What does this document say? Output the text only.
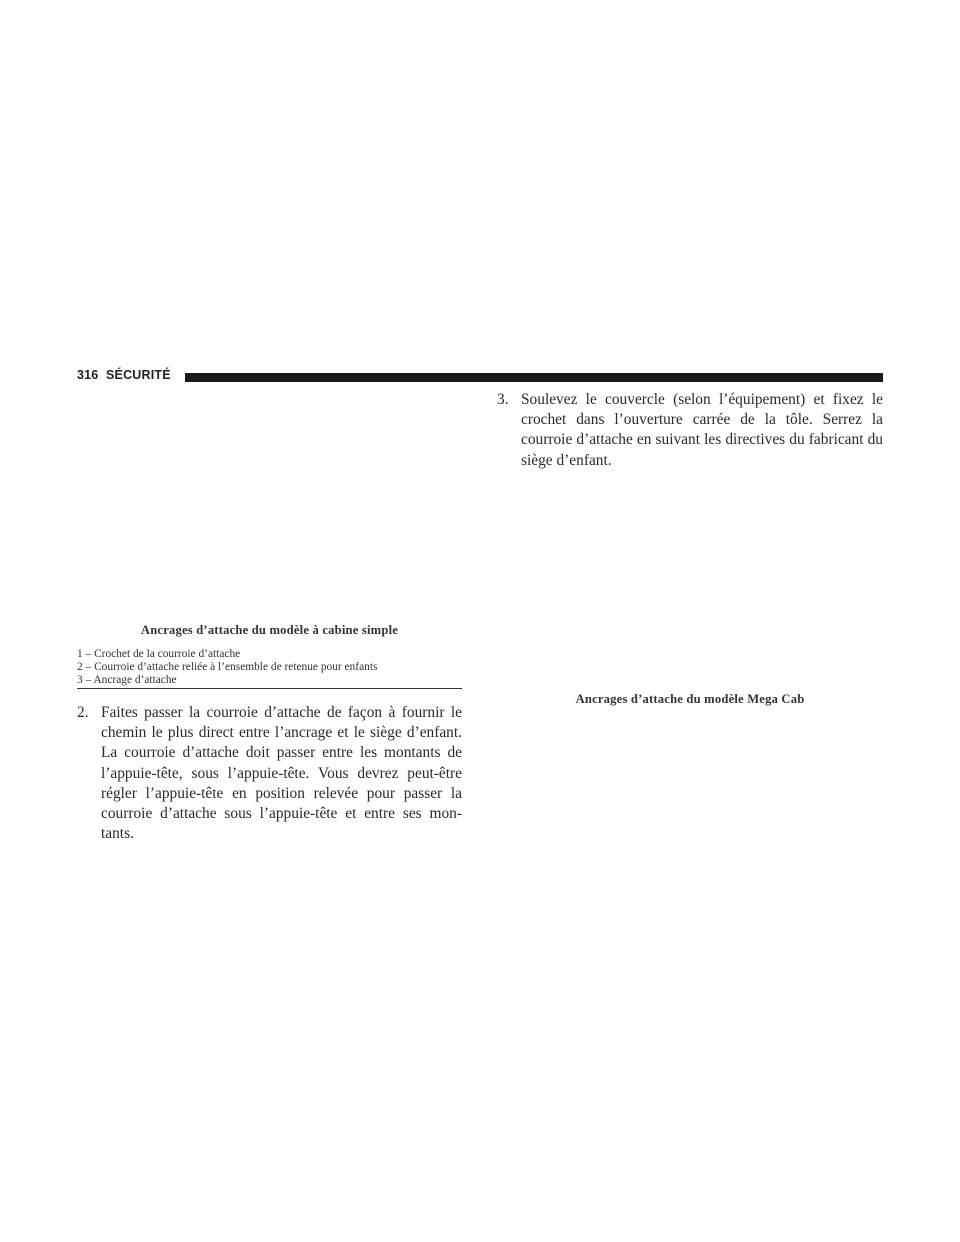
316 SÉCURITÉ

Ancrages d’attache du modèle à cabine simple

1 – Crochet de la courroie d’attache

2 – Courroie d’attache reliée à l’ensemble de retenue pour enfants

3 – Ancrage d’attache

2. Faites passer la courroie d’attache de façon à fournir le chemin le plus direct entre l’ancrage et le siège d’enfant. La courroie d’attache doit passer entre les montants de l’appuie-tête, sous l’appuie-tête. Vous devrez peut-être régler l’appuie-tête en position relevée pour passer la courroie d’attache sous l’appuie-tête et entre ses mon-tants.

3. Soulevez le couvercle (selon l’équipement) et fixez le crochet dans l’ouverture carrée de la tôle. Serrez la courroie d’attache en suivant les directives du fabricant du siège d’enfant.

Ancrages d’attache du modèle Mega Cab
